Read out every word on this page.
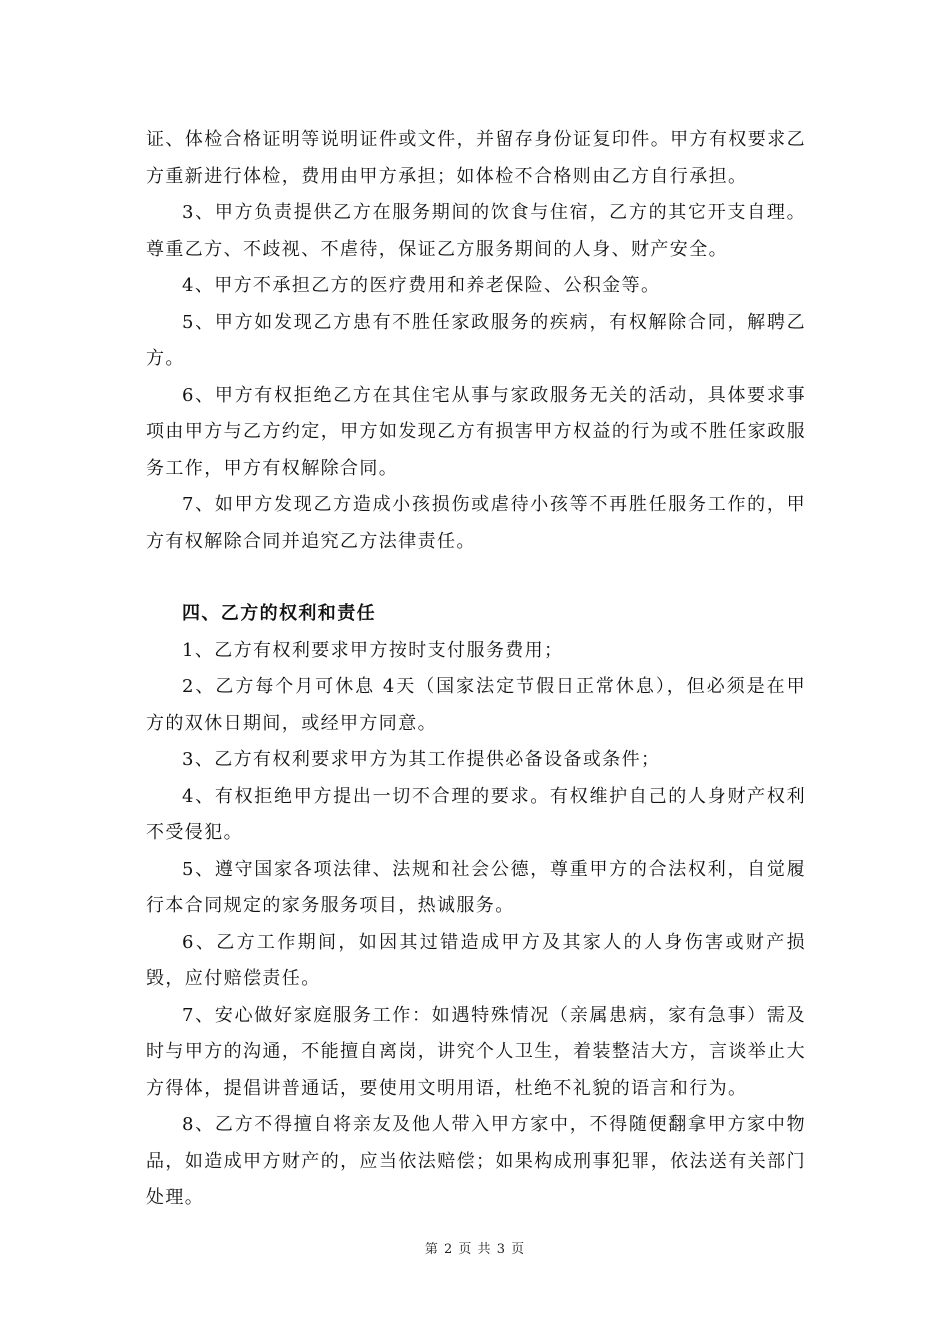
证、体检合格证明等说明证件或文件，并留存身份证复印件。甲方有权要求乙方重新进行体检，费用由甲方承担；如体检不合格则由乙方自行承担。

3、甲方负责提供乙方在服务期间的饮食与住宿，乙方的其它开支自理。尊重乙方、不歧视、不虐待，保证乙方服务期间的人身、财产安全。

4、甲方不承担乙方的医疗费用和养老保险、公积金等。

5、甲方如发现乙方患有不胜任家政服务的疾病，有权解除合同，解聘乙方。

6、甲方有权拒绝乙方在其住宅从事与家政服务无关的活动，具体要求事项由甲方与乙方约定，甲方如发现乙方有损害甲方权益的行为或不胜任家政服务工作，甲方有权解除合同。

7、如甲方发现乙方造成小孩损伤或虐待小孩等不再胜任服务工作的，甲方有权解除合同并追究乙方法律责任。

四、乙方的权利和责任

1、乙方有权利要求甲方按时支付服务费用；

2、乙方每个月可休息 4天（国家法定节假日正常休息），但必须是在甲方的双休日期间，或经甲方同意。

3、乙方有权利要求甲方为其工作提供必备设备或条件；

4、有权拒绝甲方提出一切不合理的要求。有权维护自己的人身财产权利不受侵犯。

5、遵守国家各项法律、法规和社会公德，尊重甲方的合法权利，自觉履行本合同规定的家务服务项目，热诚服务。

6、乙方工作期间，如因其过错造成甲方及其家人的人身伤害或财产损毁，应付赔偿责任。

7、安心做好家庭服务工作：如遇特殊情况（亲属患病，家有急事）需及时与甲方的沟通，不能擅自离岗，讲究个人卫生，着装整洁大方，言谈举止大方得体，提倡讲普通话，要使用文明用语，杜绝不礼貌的语言和行为。

8、乙方不得擅自将亲友及他人带入甲方家中，不得随便翻拿甲方家中物品，如造成甲方财产的，应当依法赔偿；如果构成刑事犯罪，依法送有关部门处理。

第 2 页 共 3 页
